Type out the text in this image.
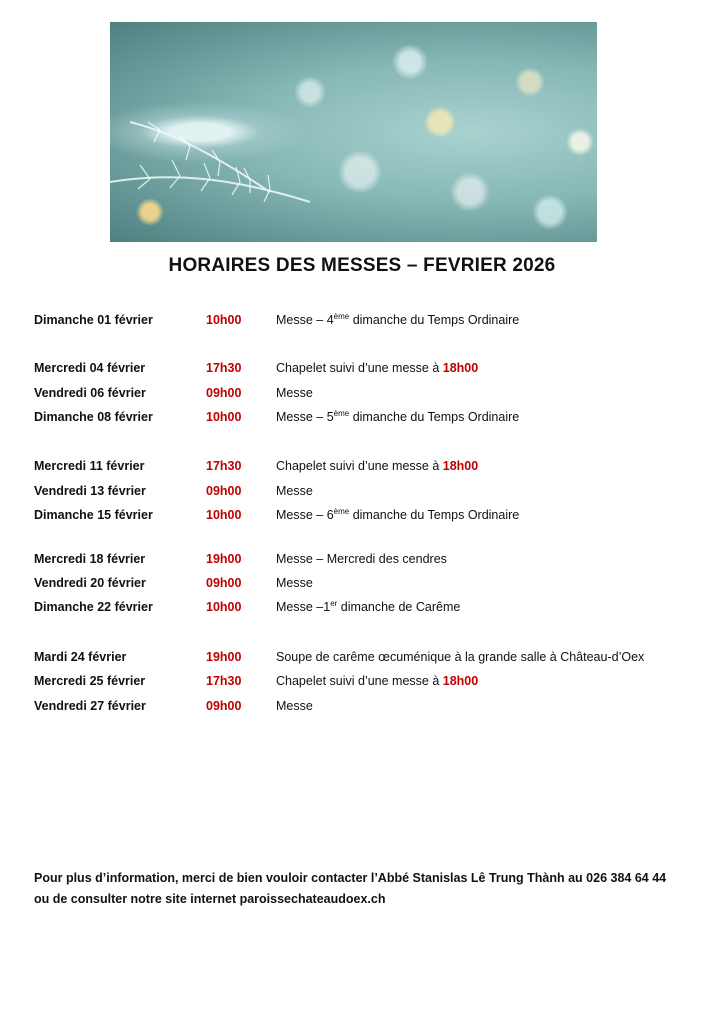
HORAIRES DES MESSES – FEVRIER 2026
Dimanche 01 février	10h00	Messe – 4ème dimanche du Temps Ordinaire
Mercredi 04 février	17h30	Chapelet suivi d’une messe à 18h00
Vendredi 06 février	09h00	Messe
Dimanche 08 février	10h00	Messe – 5ème dimanche du Temps Ordinaire
Mercredi 11 février	17h30	Chapelet suivi d’une messe à 18h00
Vendredi 13 février	09h00	Messe
Dimanche 15 février	10h00	Messe – 6ème dimanche du Temps Ordinaire
Mercredi 18 février	19h00	Messe – Mercredi des cendres
Vendredi 20 février	09h00	Messe
Dimanche 22 février	10h00	Messe –1er dimanche de Carême
Mardi 24 février	19h00	Soupe de carême œcuménique à la grande salle à Château-d’Oex
Mercredi 25 février	17h30	Chapelet suivi d’une messe à 18h00
Vendredi 27 février	09h00	Messe
Pour plus d’information, merci de bien vouloir contacter l’Abbé Stanislas Lê Trung Thành au 026 384 64 44
ou de consulter notre site internet paroissechateaudoex.ch
